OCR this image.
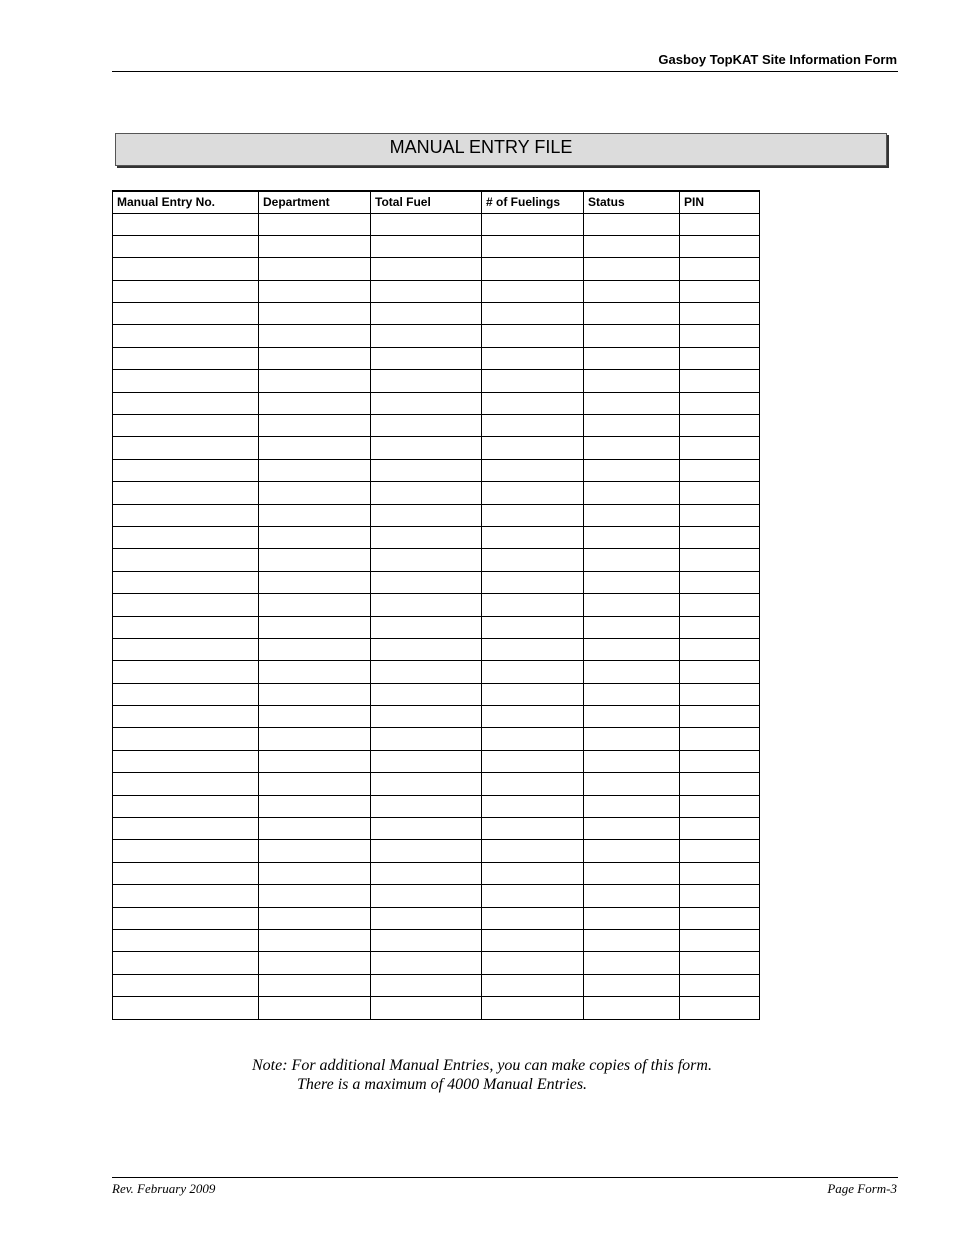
Gasboy TopKAT Site Information Form
MANUAL ENTRY FILE
Manual Entry No.	Department	Total Fuel	# of Fuelings	Status	PIN

Note: For additional Manual Entries, you can make copies of this form.
There is a maximum of 4000 Manual Entries.
Rev. February 2009	Page Form-3
